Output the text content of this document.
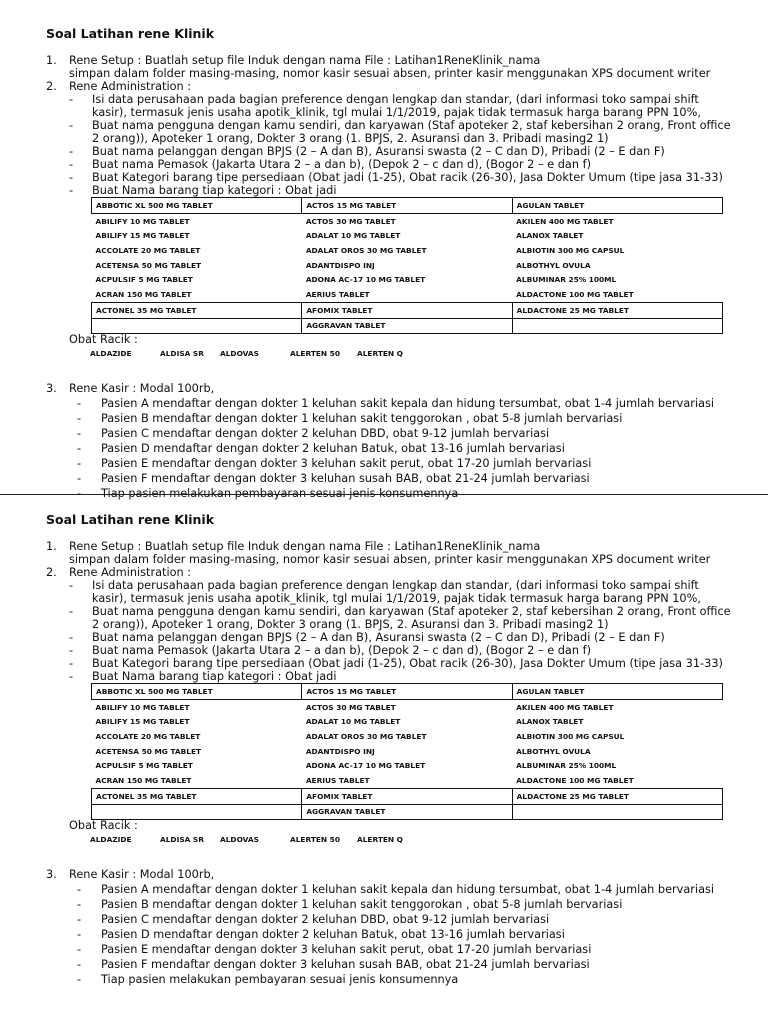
Soal Latihan rene Klinik
1. Rene Setup : Buatlah setup file Induk dengan nama File : Latihan1ReneKlinik_nama
simpan dalam folder masing-masing, nomor kasir sesuai absen, printer kasir menggunakan XPS document writer
2. Rene Administration :
- Isi data perusahaan pada bagian preference dengan lengkap dan standar, (dari informasi toko sampai shift
kasir), termasuk jenis usaha apotik_klinik, tgl mulai 1/1/2019, pajak tidak termasuk harga barang PPN 10%,
- Buat nama pengguna dengan kamu sendiri, dan karyawan (Staf apoteker 2, staf kebersihan 2 orang, Front office
2 orang)), Apoteker 1 orang, Dokter 3 orang (1. BPJS, 2. Asuransi dan 3. Pribadi masing2 1)
- Buat nama pelanggan dengan BPJS (2 – A dan B), Asuransi swasta (2 – C dan D), Pribadi (2 – E dan F)
- Buat nama Pemasok (Jakarta Utara 2 – a dan b), (Depok 2 – c dan d), (Bogor 2 – e dan f)
- Buat Kategori barang tipe persediaan (Obat jadi (1-25), Obat racik (26-30), Jasa Dokter Umum (tipe jasa 31-33)
- Buat Nama barang tiap kategori : Obat jadi
ABBOTIC XL 500 MG TABLET	ACTOS 15 MG TABLET	AGULAN TABLET
ABILIFY 10 MG TABLET	ACTOS 30 MG TABLET	AKILEN 400 MG TABLET
ABILIFY 15 MG TABLET	ADALAT 10 MG TABLET	ALANOX TABLET
ACCOLATE 20 MG TABLET	ADALAT OROS 30 MG TABLET	ALBIOTIN 300 MG CAPSUL
ACETENSA 50 MG TABLET	ADANTDISPO INJ	ALBOTHYL OVULA
ACPULSIF 5 MG TABLET	ADONA AC-17 10 MG TABLET	ALBUMINAR 25% 100ML
ACRAN 150 MG TABLET	AERIUS TABLET	ALDACTONE 100 MG TABLET
ACTONEL 35 MG TABLET	AFOMIX TABLET	ALDACTONE 25 MG TABLET
	AGGRAVAN TABLET	
Obat Racik :
ALDAZIDE	ALDISA SR ALDOVAS	ALERTEN 50 ALERTEN Q
3. Rene Kasir : Modal 100rb,
- Pasien A mendaftar dengan dokter 1 keluhan sakit kepala dan hidung tersumbat, obat 1-4 jumlah bervariasi
- Pasien B mendaftar dengan dokter 1 keluhan sakit tenggorokan , obat 5-8 jumlah bervariasi
- Pasien C mendaftar dengan dokter 2 keluhan DBD, obat 9-12 jumlah bervariasi
- Pasien D mendaftar dengan dokter 2 keluhan Batuk, obat 13-16 jumlah bervariasi
- Pasien E mendaftar dengan dokter 3 keluhan sakit perut, obat 17-20 jumlah bervariasi
- Pasien F mendaftar dengan dokter 3 keluhan susah BAB, obat 21-24 jumlah bervariasi
- Tiap pasien melakukan pembayaran sesuai jenis konsumennya
Soal Latihan rene Klinik
1. Rene Setup : Buatlah setup file Induk dengan nama File : Latihan1ReneKlinik_nama
simpan dalam folder masing-masing, nomor kasir sesuai absen, printer kasir menggunakan XPS document writer
2. Rene Administration :
- Isi data perusahaan pada bagian preference dengan lengkap dan standar, (dari informasi toko sampai shift
kasir), termasuk jenis usaha apotik_klinik, tgl mulai 1/1/2019, pajak tidak termasuk harga barang PPN 10%,
- Buat nama pengguna dengan kamu sendiri, dan karyawan (Staf apoteker 2, staf kebersihan 2 orang, Front office
2 orang)), Apoteker 1 orang, Dokter 3 orang (1. BPJS, 2. Asuransi dan 3. Pribadi masing2 1)
- Buat nama pelanggan dengan BPJS (2 – A dan B), Asuransi swasta (2 – C dan D), Pribadi (2 – E dan F)
- Buat nama Pemasok (Jakarta Utara 2 – a dan b), (Depok 2 – c dan d), (Bogor 2 – e dan f)
- Buat Kategori barang tipe persediaan (Obat jadi (1-25), Obat racik (26-30), Jasa Dokter Umum (tipe jasa 31-33)
- Buat Nama barang tiap kategori : Obat jadi
ABBOTIC XL 500 MG TABLET	ACTOS 15 MG TABLET	AGULAN TABLET
ABILIFY 10 MG TABLET	ACTOS 30 MG TABLET	AKILEN 400 MG TABLET
ABILIFY 15 MG TABLET	ADALAT 10 MG TABLET	ALANOX TABLET
ACCOLATE 20 MG TABLET	ADALAT OROS 30 MG TABLET	ALBIOTIN 300 MG CAPSUL
ACETENSA 50 MG TABLET	ADANTDISPO INJ	ALBOTHYL OVULA
ACPULSIF 5 MG TABLET	ADONA AC-17 10 MG TABLET	ALBUMINAR 25% 100ML
ACRAN 150 MG TABLET	AERIUS TABLET	ALDACTONE 100 MG TABLET
ACTONEL 35 MG TABLET	AFOMIX TABLET	ALDACTONE 25 MG TABLET
	AGGRAVAN TABLET	
Obat Racik :
ALDAZIDE	ALDISA SR ALDOVAS	ALERTEN 50 ALERTEN Q
3. Rene Kasir : Modal 100rb,
- Pasien A mendaftar dengan dokter 1 keluhan sakit kepala dan hidung tersumbat, obat 1-4 jumlah bervariasi
- Pasien B mendaftar dengan dokter 1 keluhan sakit tenggorokan , obat 5-8 jumlah bervariasi
- Pasien C mendaftar dengan dokter 2 keluhan DBD, obat 9-12 jumlah bervariasi
- Pasien D mendaftar dengan dokter 2 keluhan Batuk, obat 13-16 jumlah bervariasi
- Pasien E mendaftar dengan dokter 3 keluhan sakit perut, obat 17-20 jumlah bervariasi
- Pasien F mendaftar dengan dokter 3 keluhan susah BAB, obat 21-24 jumlah bervariasi
- Tiap pasien melakukan pembayaran sesuai jenis konsumennya
